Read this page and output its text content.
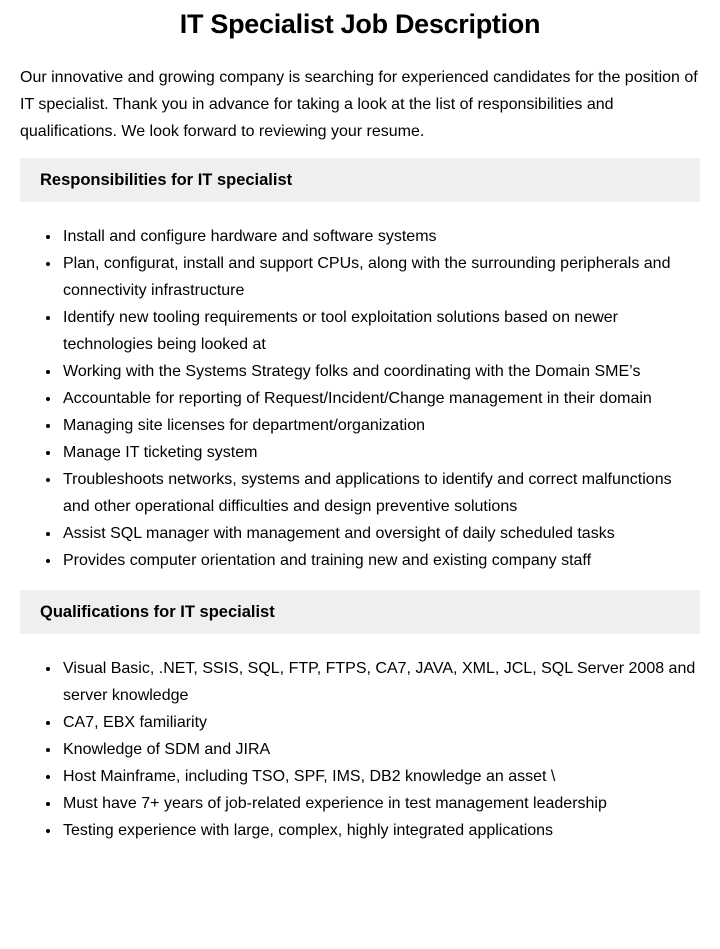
IT Specialist Job Description

Our innovative and growing company is searching for experienced candidates for the position of IT specialist. Thank you in advance for taking a look at the list of responsibilities and qualifications. We look forward to reviewing your resume.

Responsibilities for IT specialist
• Install and configure hardware and software systems
• Plan, configurat, install and support CPUs, along with the surrounding peripherals and connectivity infrastructure
• Identify new tooling requirements or tool exploitation solutions based on newer technologies being looked at
• Working with the Systems Strategy folks and coordinating with the Domain SME’s
• Accountable for reporting of Request/Incident/Change management in their domain
• Managing site licenses for department/organization
• Manage IT ticketing system
• Troubleshoots networks, systems and applications to identify and correct malfunctions and other operational difficulties and design preventive solutions
• Assist SQL manager with management and oversight of daily scheduled tasks
• Provides computer orientation and training new and existing company staff
Qualifications for IT specialist
• Visual Basic, .NET, SSIS, SQL, FTP, FTPS, CA7, JAVA, XML, JCL, SQL Server 2008 and server knowledge
• CA7, EBX familiarity
• Knowledge of SDM and JIRA
• Host Mainframe, including TSO, SPF, IMS, DB2 knowledge an asset \
• Must have 7+ years of job-related experience in test management leadership
• Testing experience with large, complex, highly integrated applications
